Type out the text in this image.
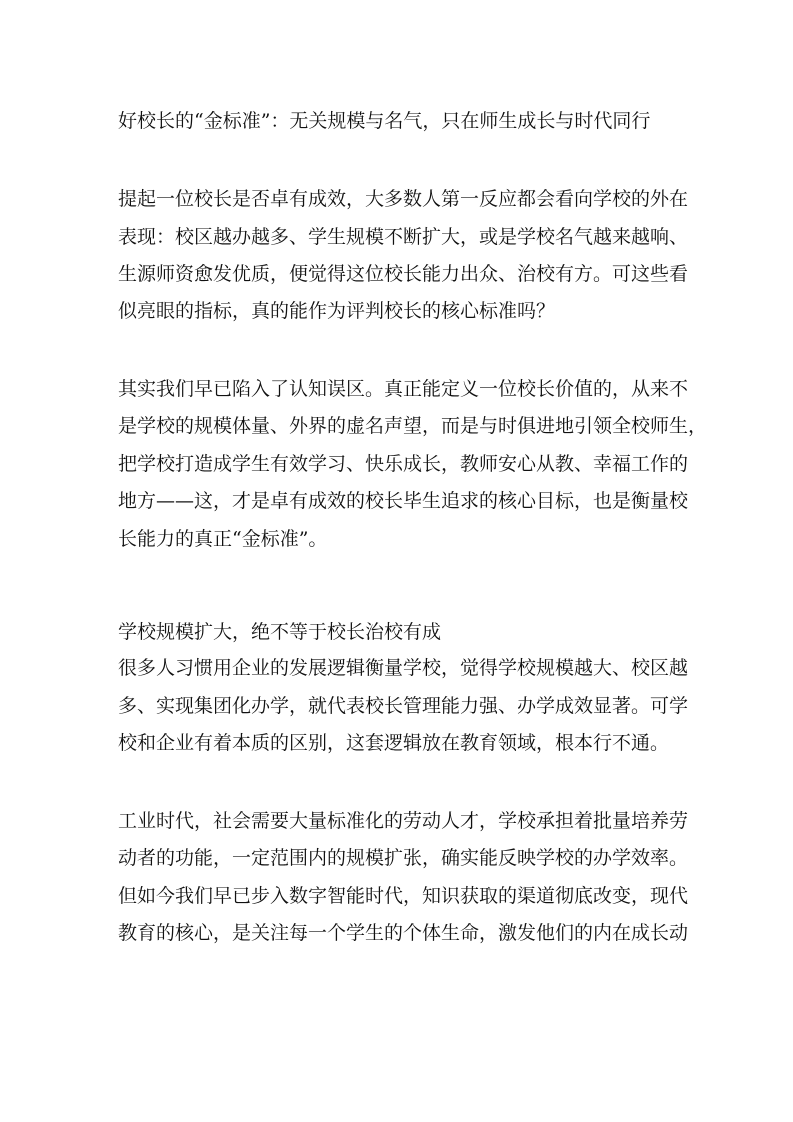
好校长的“金标准”：无关规模与名气，只在师生成长与时代同行
提起一位校长是否卓有成效，大多数人第一反应都会看向学校的外在
表现：校区越办越多、学生规模不断扩大，或是学校名气越来越响、
生源师资愈发优质，便觉得这位校长能力出众、治校有方。可这些看
似亮眼的指标，真的能作为评判校长的核心标准吗？
其实我们早已陷入了认知误区。真正能定义一位校长价值的，从来不
是学校的规模体量、外界的虚名声望，而是与时俱进地引领全校师生，
把学校打造成学生有效学习、快乐成长，教师安心从教、幸福工作的
地方——这，才是卓有成效的校长毕生追求的核心目标，也是衡量校
长能力的真正“金标准”。
学校规模扩大，绝不等于校长治校有成
很多人习惯用企业的发展逻辑衡量学校，觉得学校规模越大、校区越
多、实现集团化办学，就代表校长管理能力强、办学成效显著。可学
校和企业有着本质的区别，这套逻辑放在教育领域，根本行不通。
工业时代，社会需要大量标准化的劳动人才，学校承担着批量培养劳
动者的功能，一定范围内的规模扩张，确实能反映学校的办学效率。
但如今我们早已步入数字智能时代，知识获取的渠道彻底改变，现代
教育的核心，是关注每一个学生的个体生命，激发他们的内在成长动
